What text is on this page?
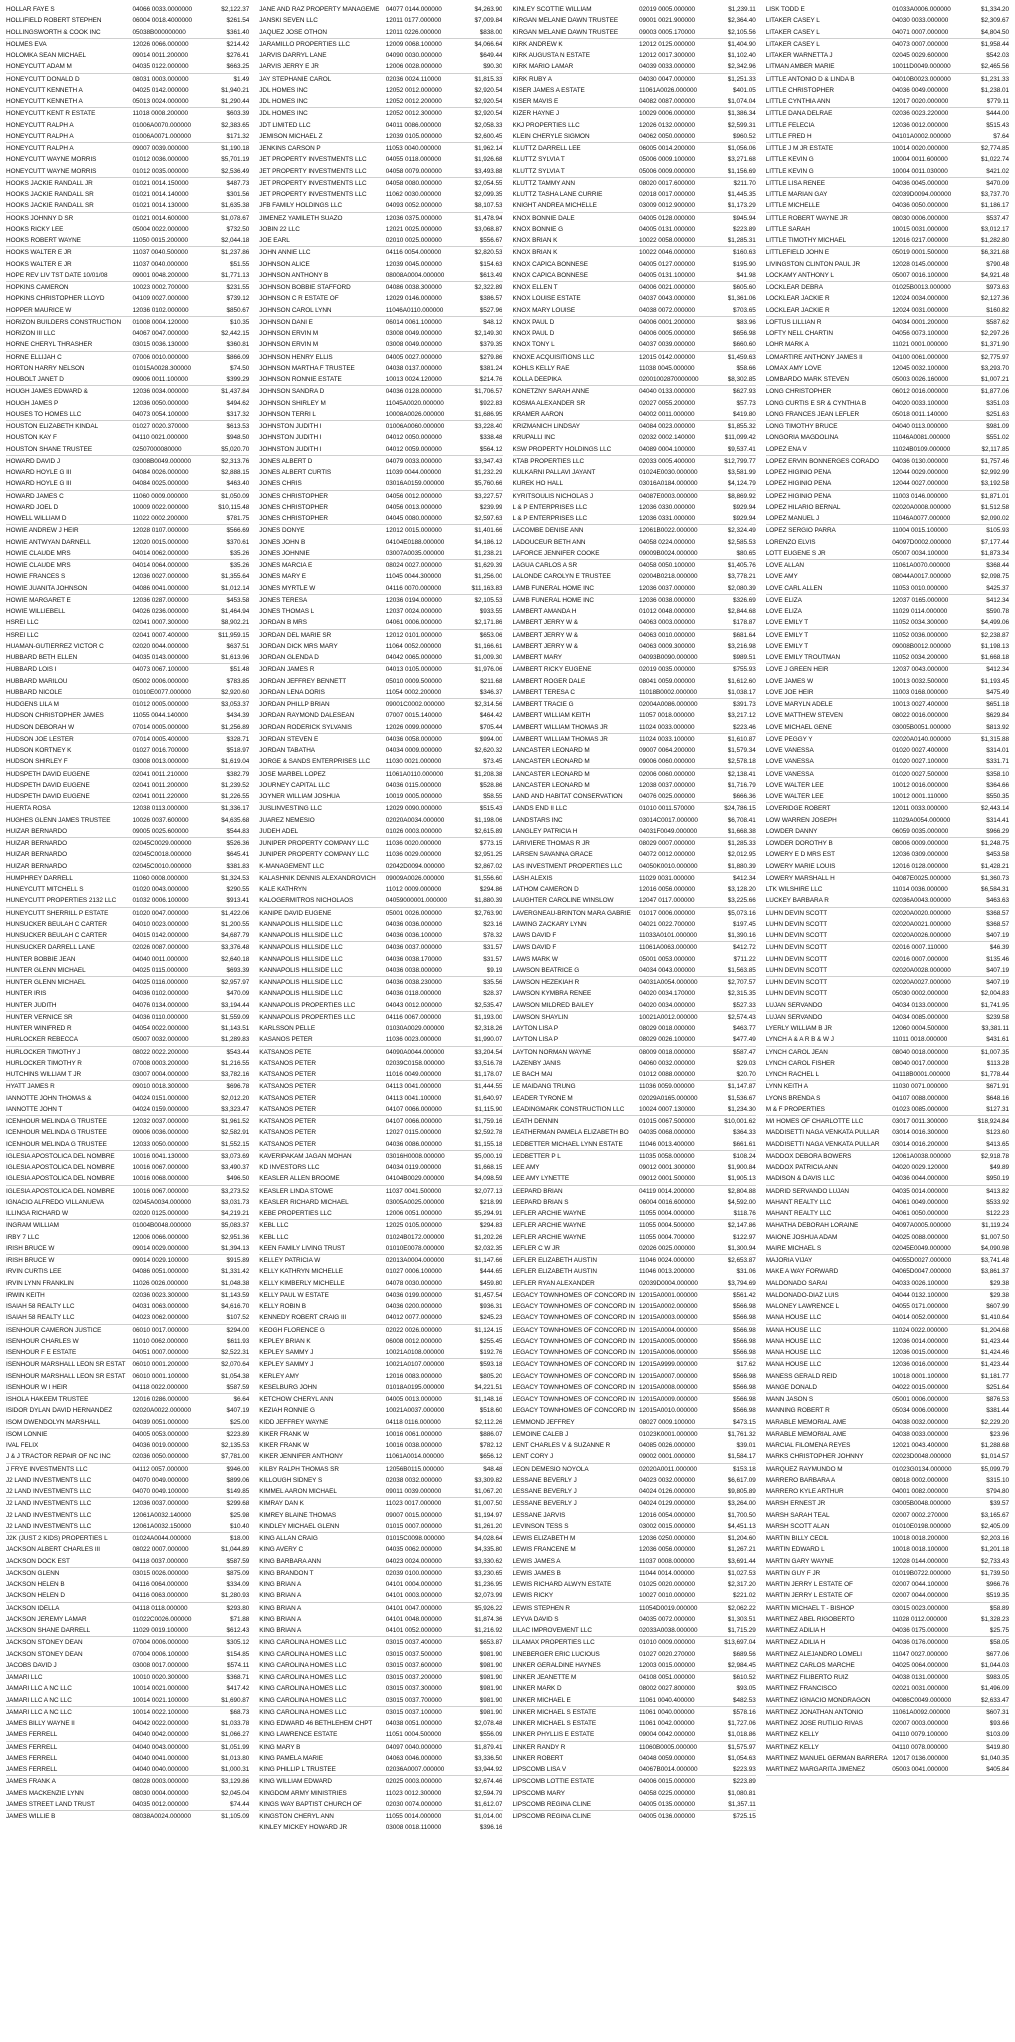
HOLLAR FAYE S	04066 0033.0000000	$2,122.37
HOLLIFIELD ROBERT STEPHEN	06004 0018.4000000	$261.54
HOLLINGSWORTH & COOK INC	05038B000000000	$361.40
HOLMES EVA	12026 0066.000000	$214.42
HOLOMKA SEAN MICHAEL	09014 0011.200000	$276.41
HONEYCUTT ADAM M	04035 0122.000000	$663.25
HONEYCUTT DONALD D	08031 0003.000000	$1.49
HONEYCUTT KENNETH A	04025 0142.000000	$1,940.21
HONEYCUTT KENNETH A	05013 0024.000000	$1,290.44
HONEYCUTT KENT R ESTATE	11018 0008.200000	$603.39
HONEYCUTT RALPH A	01006A0070.000000	$2,383.65
HONEYCUTT RALPH A	01006A0071.000000	$171.32
HONEYCUTT RALPH A	09007 0039.000000	$1,190.18
HONEYCUTT WAYNE MORRIS	01012 0036.000000	$5,701.19
HONEYCUTT WAYNE MORRIS	01012 0035.000000	$2,536.49
HOOKS JACKIE RANDALL JR	01021 0014.150000	$487.73
HOOKS JACKIE RANDALL SR	01021 0014.140000	$301.56
HOOKS JACKIE RANDALL SR	01021 0014.130000	$1,635.38
HOOKS JOHNNY D SR	01021 0014.600000	$1,078.67
HOOKS RICKY LEE	05004 0022.000000	$732.50
HOOKS ROBERT WAYNE	11050 0015.200000	$2,044.18
HOOKS WALTER E JR	11037 0040.500000	$1,237.86
HOOKS WALTER E JR	11037 0040.000000	$51.55
HOPE REV LIV TST DATE 10/01/08	09001 0048.200000	$1,771.13
HOPKINS CAMERON	10023 0002.700000	$231.55
HOPKINS CHRISTOPHER LLOYD	04109 0027.000000	$739.12
HOPPER MAURICE W	12036 0102.000000	$850.67
HORIZON BUILDERS CONSTRUCTION	01008 0004.120000	$10.35
HORIZON III LLC	04067 0047.000000	$2,442.15
HORNE CHERYL THRASHER	03015 0036.130000	$360.81
HORNE ELLIJAH C	07006 0010.000000	$866.09
HORTON HARRY NELSON	01015A0028.300000	$74.50
HOUBOLT JANET D	09006 0011.100000	$399.29
HOUGH JAMES EDWARD &	12036 0034.000000	$1,437.84
HOUGH JAMES P	12036 0050.000000	$494.62
HOUSES TO HOMES LLC	04073 0054.100000	$317.32
HOUSTON ELIZABETH KINDAL	01027 0020.370000	$613.53
HOUSTON KAY F	04110 0021.000000	$948.50
HOUSTON SHANE TRUSTEE	02507000080000	$5,020.70
HOWARD DAVID J	03008B0049.000000	$2,313.76
HOWARD HOYLE G III	04084 0026.000000	$2,888.15
HOWARD HOYLE G III	04084 0025.000000	$463.40
HOWARD JAMES C	11060 0009.000000	$1,050.09
HOWARD JOEL D	10009 0022.000000	$10,115.48
HOWELL WILLIAM D	11022 0002.200000	$781.75
HOWIE ANDREW J HEIR	12028 0107.000000	$566.69
HOWIE ANTWYAN DARNELL	12020 0015.000000	$370.61
HOWIE CLAUDE MRS	04014 0062.000000	$35.26
HOWIE CLAUDE MRS	04014 0064.000000	$35.26
HOWIE FRANCES S	12036 0027.000000	$1,355.64
HOWIE JUANITA JOHNSON	04086 0041.000000	$1,012.14
HOWIE MARGARET E	12036 0287.000000	$453.58
HOWIE WILLIEBELL	04026 0236.000000	$1,464.94
HSREI LLC	02041 0007.300000	$8,902.21
HSREI LLC	02041 0007.400000	$11,959.15
HUAMAN-GUTIERREZ VICTOR C	02020 0044.000000	$637.51
HUBBARD BETH ELLEN	04035 0143.000000	$1,613.96
HUBBARD LOIS I	04073 0067.100000	$51.48
HUBBARD MARILOU	05002 0006.000000	$783.85
HUBBARD NICOLE	01010E0077.000000	$2,920.60
HUDGENS LILA M	01012 0005.000000	$3,053.37
HUDSON CHRISTOPHER JAMES	11055 0044.140000	$434.39
HUDSON DEBORAH W	07014 0005.000000	$1,256.89
HUDSON JOE LESTER	07014 0005.400000	$328.71
HUDSON KORTNEY K	01027 0016.700000	$518.97
HUDSON SHIRLEY F	03008 0013.000000	$1,619.04
HUDSPETH DAVID EUGENE	02041 0011.210000	$382.79
HUDSPETH DAVID EUGENE	02041 0011.200000	$1,239.52
HUDSPETH DAVID EUGENE	02041 0011.220000	$1,226.55
HUERTA ROSA	12038 0113.000000	$1,336.17
HUGHES GLENN JAMES TRUSTEE	10026 0037.600000	$4,635.68
HUIZAR BERNARDO	09005 0025.600000	$544.83
HUIZAR BERNARDO	02045C0029.000000	$526.36
HUIZAR BERNARDO	02045C0018.000000	$645.41
HUIZAR BERNARDO	02045C0010.000000	$381.83
HUMPHREY DARRELL	11060 0008.000000	$1,324.53
HUNEYCUTT MITCHELL S	01020 0043.000000	$290.55
HUNEYCUTT PROPERTIES 2132 LLC	01032 0006.100000	$913.41
HUNEYCUTT SHERRILL P ESTATE	01020 0047.000000	$1,422.06
HUNSUCKER BEULAH C CARTER	04010 0023.000000	$1,200.55
HUNSUCKER BEULAH C CARTER	04015 0142.000000	$4,687.79
HUNSUCKER DARRELL LANE	02026 0087.000000	$3,376.48
HUNTER BOBBIE JEAN	04040 0011.000000	$2,640.18
HUNTER GLENN MICHAEL	04025 0115.000000	$693.39
HUNTER GLENN MICHAEL	04025 0116.000000	$2,957.97
HUNTER IRIS	04036 0102.000000	$470.09
HUNTER JUDITH	04076 0134.000000	$3,194.44
HUNTER VERNICE SR	04036 0110.000000	$1,559.09
HUNTER WINIFRED R	04054 0022.000000	$1,143.51
HURLOCKER REBECCA	05007 0032.000000	$1,289.83
HURLOCKER TIMOTHY J	08022 0022.200000	$543.44
HURLOCKER TIMOTHY R	07008 0003.200000	$1,216.55
HUTCHINS WILLIAM T JR	03007 0004.000000	$3,782.16
HYATT JAMES R	09010 0018.300000	$696.78
IANNOTTE JOHN THOMAS &	04024 0151.000000	$2,012.20
IANNOTTE JOHN T	04024 0159.000000	$3,323.47
ICENHOUR MELINDA G TRUSTEE	12032 0037.000000	$1,961.52
ICENHOUR MELINDA G TRUSTEE	09006 0036.000000	$2,582.91
ICENHOUR MELINDA G TRUSTEE	12033 0050.000000	$1,552.15
IGLESIA APOSTOLICA DEL NOMBRE	10016 0041.130000	$3,073.69
IGLESIA APOSTOLICA DEL NOMBRE	10016 0067.000000	$3,490.37
IGLESIA APOSTOLICA DEL NOMBRE	10016 0068.000000	$496.50
IGLESIA APOSTOLICA DEL NOMBRE	10016 0067.000000	$3,273.52
IGNACIO ALFREDO VILLANUEVA	02045A0034.000000	$3,031.73
ILLINGA RICHARD W	02020 0125.000000	$4,219.21
INGRAM WILLIAM	01004B0048.000000	$5,083.37
IRBY 7 LLC	12006 0066.000000	$2,951.36
IRISH BRUCE W	09014 0029.000000	$1,394.13
IRISH BRUCE W	09014 0029.100000	$915.89
IRVIN CURTIS LEE	04086 0051.000000	$1,331.42
IRVIN LYNN FRANKLIN	11026 0026.000000	$1,048.38
IRWIN KEITH	02036 0023.300000	$1,143.59
ISAIAH 58 REALTY LLC	04031 0063.000000	$4,616.70
ISAIAH 58 REALTY LLC	04023 0062.000000	$107.52
ISENHOUR CAMERON JUSTICE	06010 0017.000000	$294.00
ISENHOUR CHARLES W	11010 0062.000000	$611.93
ISENHOUR F E ESTATE	04051 0007.000000	$2,522.31
ISENHOUR MARSHALL LEON SR ESTAT	06010 0001.200000	$2,070.64
ISENHOUR MARSHALL LEON SR ESTAT	06010 0001.100000	$1,054.38
ISENHOUR W I HEIR	04118 0022.000000	$587.59
ISHOLA HAKEEM TRUSTEE	12016 0286.000000	$6.64
ISIDOR DYLAN DAVID HERNANDEZ	02020A0022.000000	$407.19
ISOM DWENDOLYN MARSHALL	04039 0051.000000	$25.00
ISOM LONNIE	04005 0053.000000	$223.89
IVAL FELIX	04036 0019.000000	$2,135.53
J & J TRACTOR REPAIR OF NC INC	02036 0050.000000	$7,781.00
J FRYE INVESTMENTS LLC	04112 0057.000000	$946.00
J2 LAND INVESTMENTS LLC	04070 0049.000000	$899.06
J2 LAND INVESTMENTS LLC	04070 0049.100000	$149.85
J2 LAND INVESTMENTS LLC	12036 0037.000000	$299.68
J2 LAND INVESTMENTS LLC	12061A0032.140000	$25.98
J2 LAND INVESTMENTS LLC	12061A0032.150000	$10.40
J2K (JUST 2 KIDS) PROPERTIES L	01024A0044.000000	$18.00
JACKSON ALBERT CHARLES III	08022 0007.000000	$1,044.89
JACKSON DOCK EST	04118 0037.000000	$587.59
JACKSON GLENN	03015 0026.000000	$875.09
JACKSON HELEN B	04116 0064.000000	$334.09
JACKSON HELEN D	04116 0063.000000	$1,280.93
JACKSON IDELLA	04118 0118.000000	$293.80
JACKSON JEREMY LAMAR	01022C0026.000000	$71.88
JACKSON SHANE DARRELL	11029 0019.100000	$612.43
JACKSON STONEY DEAN	07004 0006.000000	$305.12
JACKSON STONEY DEAN	07004 0006.100000	$154.85
JACOBS DAVID J	03008 0017.000000	$574.11
JAMARI LLC	10010 0020.300000	$368.71
JAMARI LLC A NC LLC	10014 0021.000000	$417.42
JAMARI LLC A NC LLC	10014 0021.100000	$1,690.87
JAMARI LLC A NC LLC	10014 0022.100000	$68.73
JAMES BILLY WAYNE II	04042 0022.000000	$1,033.78
JAMES FERRELL	04040 0042.000000	$1,066.27
JAMES FERRELL	04040 0043.000000	$1,051.99
JAMES FERRELL	04040 0041.000000	$1,013.80
JAMES FERRELL	04040 0040.000000	$1,000.31
JAMES FRANK A	08028 0003.000000	$3,129.86
JAMES MACKENZIE LYNN	08030 0004.000000	$2,045.04
JAMES STREET LAND TRUST	04035 0012.000000	$74.44
JAMES WILLIE B	08038A0024.000000	$1,105.09
JANE AND RAZ PROPERTY MANAGEME	04077 0144.000000	$4,263.90
JANSKI SEVEN LLC	12011 0177.000000	$7,009.84
JAQUEZ JOSE OTHON	12011 0226.000000	$838.00
JARAMILLO PROPERTIES LLC	12009 0068.100000	$4,066.64
JARVIS DARRYL LANE	04090 0030.000000	$649.44
JARVIS JERRY E JR	12006 0028.000000	$90.30
JAY STEPHANIE CAROL	02036 0024.110000	$1,815.33
JDL HOMES INC	12052 0012.000000	$2,920.54
JDL HOMES INC	12052 0012.200000	$2,920.54
JDL HOMES INC	12052 0012.300000	$2,920.54
JDT LIMITED LLC	04011 0086.000000	$2,058.33
JEMISON MICHAEL Z	12039 0105.000000	$2,600.45
JENKINS CARSON P	11053 0040.000000	$1,962.14
JET PROPERTY INVESTMENTS LLC	04055 0118.000000	$1,926.68
JET PROPERTY INVESTMENTS LLC	04058 0079.000000	$3,493.88
JET PROPERTY INVESTMENTS LLC	04058 0080.000000	$2,054.55
JET PROPERTY INVESTMENTS LLC	11062 0030.000000	$2,099.35
JFB FAMILY HOLDINGS LLC	04093 0052.000000	$8,107.53
JIMENEZ YAMILETH SUAZO	12036 0375.000000	$1,478.94
JOBIN 22 LLC	12021 0025.000000	$3,068.87
JOE EARL	02010 0025.000000	$556.67
JOHN ANNIE LLC	04116 0054.000000	$2,820.53
JOHNSON ALICE	12039 0045.000000	$154.63
JOHNSON ANTHONY B	08008A0004.000000	$613.49
JOHNSON BOBBIE STAFFORD	04086 0038.300000	$2,322.89
JOHNSON C R ESTATE OF	12029 0146.000000	$386.57
JOHNSON CAROL LYNN	11046A0110.000000	$527.96
JOHNSON DANI E	06014 0061.100000	$48.12
JOHNSON ERVIN M	03008 0049.000000	$2,149.30
JOHNSON ERVIN M	03008 0049.000000	$379.35
JOHNSON HENRY ELLIS	04005 0027.000000	$279.86
JOHNSON MARTHA F TRUSTEE	04038 0137.000000	$381.24
JOHNSON RONNIE ESTATE	10013 0024.120000	$214.76
JOHNSON SANDRA D	04036 0128.000000	$1,706.57
JOHNSON SHIRLEY M	11045A0020.000000	$922.83
JOHNSON TERRI L	10008A0026.000000	$1,686.95
JOHNSTON JUDITH I	01006A0060.000000	$3,228.40
JOHNSTON JUDITH I	04012 0050.000000	$338.48
JOHNSTON JUDITH I	04012 0059.000000	$564.12
JONES ALBERT D	04079 0033.000000	$3,347.43
JONES ALBERT CURTIS	11039 0044.000000	$1,232.29
JONES CHRIS	03016A0159.000000	$5,760.66
JONES CHRISTOPHER	04056 0012.000000	$3,227.57
JONES CHRISTOPHER	04056 0013.000000	$239.99
JONES CHRISTOPHER	04045 0080.000000	$2,597.63
JONES DONYE	12012 0015.000000	$1,401.66
JONES JOHN B	04104E0188.000000	$4,186.12
JONES JOHNNIE	03007A0035.000000	$1,238.21
JONES MARCIA E	08024 0027.000000	$1,629.39
JONES MARY E	11045 0044.300000	$1,256.00
JONES MYRTLE W	04116 0070.000000	$11,163.83
JONES TERESA	12036 0194.000000	$2,105.53
JONES THOMAS L	12037 0024.000000	$933.55
JORDAN B MRS	04061 0006.000000	$2,171.86
JORDAN DEL MARIE SR	12012 0101.000000	$653.06
JORDAN DICK MRS MARY	11064 0052.000000	$1,166.61
JORDAN GLENDA D	04042 0065.000000	$1,009.30
JORDAN JAMES R	04013 0105.000000	$1,976.06
JORDAN JEFFREY BENNETT	05010 0009.500000	$211.68
JORDAN LENA DORIS	11054 0002.200000	$346.37
JORDAN PHILLP BRIAN	09001C0002.000000	$2,314.56
JORDAN RAYMOND DALESEAN	07007 0015.140000	$464.42
JORDAN RODERICK SYLVANIS	12026 0099.000000	$705.44
JORDAN STEVEN E	04036 0058.000000	$994.00
JORDAN TABATHA	04034 0009.000000	$2,620.32
JORGE & SANDS ENTERPRISES LLC	11030 0021.000000	$73.45
JOSE MARBEL LOPEZ	11061A0110.000000	$1,208.38
JOURNEY CAPITAL LLC	04036 0115.000000	$528.86
JOYNER WILLIAM JOSHUA	10019 0005.000000	$58.55
JUSLINVESTING LLC	12029 0090.000000	$515.43
JUAREZ NEMESIO	02020A0034.000000	$1,198.06
JUDEH ADEL	01026 0003.000000	$2,615.89
JUNIPER PROPERTY COMPANY LLC	11036 0020.000000	$773.15
JUNIPER PROPERTY COMPANY LLC	11036 0029.000000	$2,951.25
K-MANAGEMENT LLC	02042D0094.000000	$2,867.02
KALASHNIK DENNIS ALEXANDROVICH	09009A0026.000000	$1,556.60
KALE KATHRYN	11012 0009.000000	$294.86
KALOGERMITROS NICHOLAOS	04059000001.000000	$1,880.39
KANIPE DAVID EUGENE	05001 0026.000000	$2,763.90
KANNAPOLIS HILLSIDE LLC	04036 0036.000000	$23.16
KANNAPOLIS HILLSIDE LLC	04036 0036.100000	$78.32
KANNAPOLIS HILLSIDE LLC	04036 0037.000000	$31.57
KANNAPOLIS HILLSIDE LLC	04036 0038.170000	$31.57
KANNAPOLIS HILLSIDE LLC	04036 0038.000000	$9.19
KANNAPOLIS HILLSIDE LLC	04036 0038.230000	$35.56
KANNAPOLIS HILLSIDE LLC	04036 0118.000000	$28.37
KANNAPOLIS PROPERTIES LLC	04043 0012.000000	$2,535.47
KANNAPOLIS PROPERTIES LLC	04116 0067.000000	$1,193.00
KARLSSON PELLE	01030A0029.000000	$2,318.26
KASANOS PETER	11036 0023.000000	$1,990.07
KATSANOS PETE	04090A0044.000000	$3,204.54
KATSANOS PETER	02039C0158.000000	$3,516.78
KATSANOS PETER	11016 0049.000000	$1,178.07
KATSANOS PETER	04113 0041.000000	$1,444.55
KATSANOS PETER	04113 0041.100000	$1,640.97
KATSANOS PETER	04107 0066.000000	$1,115.90
KATSANOS PETER	04107 0066.000000	$1,759.16
KATSANOS PETER	12027 0115.000000	$2,592.78
KATSANOS PETER	04036 0086.000000	$1,155.18
KAVERIPAKAM JAGAN MOHAN	03016H0008.000000	$5,000.19
KD INVESTORS LLC	04034 0119.000000	$1,668.15
KEASLER ALLEN BROOME	04104B0029.000000	$4,098.59
KEASLER LINDA STOWE	11037 0041.500000	$2,077.13
KEASLER RICHARD MICHAEL	03005A0025.000000	$218.99
KEBE PROPERTIES LLC	12006 0051.000000	$5,294.91
KEBL LLC	12025 0105.000000	$294.83
KEBL LLC	01024B0172.000000	$1,202.26
KEEN FAMILY LIVING TRUST	01010E0078.000000	$2,032.35
KELLEY PATRICIA W	02013A0004.000000	$1,147.66
KELLY KATHRYN MICHELLE	01027 0006.100000	$444.65
KELLY KIMBERLY MICHELLE	04078 0030.000000	$459.80
KELLY PAUL W ESTATE	04036 0199.000000	$1,457.54
KELLY ROBIN B	04036 0200.000000	$936.31
KENNEDY ROBERT CRAIG III	04012 0077.000000	$245.23
KEOGH FLORENCE G	02022 0026.000000	$1,124.15
KEPLEY BRIAN K	06008 0012.000000	$255.45
KEPLEY SAMMY J	10021A0108.000000	$192.76
KEPLEY SAMMY J	10021A0107.000000	$593.18
KERLEY AMY	12016 0083.000000	$805.20
KESELBURG JOHN	01018A0195.000000	$4,221.51
KETCHOW CHERYL ANN	04005 0013.000000	$1,148.16
KEZIAH RONNIE G	10021A0037.000000	$518.60
KIDD JEFFREY WAYNE	04118 0116.000000	$2,112.26
KIKER FRANK W	10016 0061.000000	$886.07
KIKER FRANK W	10016 0038.000000	$782.12
KIKER JENNIFER ANTHONY	11061A0014.000000	$656.12
KILBY RALPH THOMAS SR	12056B0115.000000	$48.48
KILLOUGH SIDNEY S	02038 0032.000000	$3,309.82
KIMMEL AARON MICHAEL	09011 0039.000000	$1,067.20
KIMRAY DAN K	11023 0017.000000	$1,007.50
KIMREY BLAINE THOMAS	09007 0015.000000	$1,194.97
KINDLEY MICHAEL GLENN	01015 0007.000000	$1,261.20
KING ALLAN CRAIG	01015C0098.000000	$4,028.64
KING AVERY C	04035 0062.000000	$4,335.80
KING BARBARA ANN	04023 0024.000000	$3,330.62
KING BRANDON T	02039 0100.000000	$3,230.65
KING BRIAN A	04101 0004.000000	$1,236.95
KING BRIAN A	04101 0003.000000	$2,073.99
KING BRIAN A	04101 0047.000000	$5,926.22
KING BRIAN A	04101 0048.000000	$1,874.36
KING BRIAN A	04101 0052.000000	$1,216.92
KING CAROLINA HOMES LLC	03015 0037.400000	$653.87
KING CAROLINA HOMES LLC	03015 0037.500000	$981.90
KING CAROLINA HOMES LLC	03015 0037.600000	$981.90
KING CAROLINA HOMES LLC	03015 0037.200000	$981.90
KING CAROLINA HOMES LLC	03015 0037.300000	$981.90
KING CAROLINA HOMES LLC	03015 0037.700000	$981.90
KING CAROLINA HOMES LLC	03015 0037.100000	$981.90
KING EDWARD 46 BETHLEHEM CHPT	04038 0051.000000	$2,078.48
KING LAWRENCE ESTATE	11051 0004.500000	$556.09
KING MARY B	04097 0040.000000	$1,879.41
KING PAMELA MARIE	04063 0046.000000	$3,336.50
KING PHILLIP L TRUSTEE	02036A0007.000000	$3,944.92
KING WILLIAM EDWARD	02025 0003.000000	$2,674.46
KINGDOM ARMY MINISTRIES	11023 0012.300000	$2,594.79
KINGS WAY BAPTIST CHURCH OF	02030 0074.000000	$1,612.07
KINGSTON CHERYL ANN	11055 0014.000000	$1,014.00
KINLEY MICKEY HOWARD JR	03008 0018.110000	$396.16
KINLEY SCOTTIE WILLIAM	02019 0005.000000	$1,239.11
KIRGAN MELANIE DAWN TRUSTEE	09001 0021.900000	$2,364.40
KIRGAN MELANIE DAWN TRUSTEE	09003 0005.170000	$2,105.56
KIRK ANDREW K	12012 0125.000000	$1,404.90
KIRK AUGUSTA N ESTATE	12012 0017.300000	$1,102.40
KIRK MARIO LAMAR	04039 0033.000000	$2,342.96
KIRK RUBY A	04030 0047.000000	$1,251.33
KISER JAMES A ESTATE	11061A0026.000000	$401.05
KISER MAVIS E	04082 0087.000000	$1,074.04
KIZER HAYNE J	10029 0006.000000	$1,386.34
KKJ PROPERTIES LLC	12026 0132.000000	$2,599.31
KLEIN CHERYLE SIGMON	04062 0050.000000	$960.52
KLUTTZ DARRELL LEE	06005 0014.200000	$1,056.06
KLUTTZ SYLVIA T	05006 0009.100000	$3,271.68
KLUTTZ SYLVIA T	05006 0009.000000	$1,156.69
KLUTTZ TAMMY ANN	08020 0017.600000	$211.70
KLUTTZ TASHA LANE CURRIE	02018 0017.000000	$1,445.35
KNIGHT ANDREA MICHELLE	03009 0012.900000	$1,173.29
KNOX BONNIE DALE	04005 0128.000000	$945.94
KNOX BONNIE G	04005 0131.000000	$223.89
KNOX BRIAN K	10022 0058.000000	$1,285.31
KNOX BRIAN K	10022 0046.000000	$160.63
KNOX CAPICA BONNESE	04005 0127.000000	$195.90
KNOX CAPICA BONNESE	04005 0131.100000	$41.98
KNOX ELLEN T	04006 0021.000000	$605.60
KNOX LOUISE ESTATE	04037 0043.000000	$1,361.06
KNOX MARY LOUISE	04038 0072.000000	$703.65
KNOX PAUL D	04006 0001.200000	$83.96
KNOX PAUL D	04006 0005.000000	$656.98
KNOX TONY L	04037 0039.000000	$660.60
KNOXE ACQUISITIONS LLC	12015 0142.000000	$1,459.63
KOHLS KELLY RAE	11038 0045.000000	$58.66
KOLLA DEEPIKA	02001002870000000	$8,302.85
KONETZNY SARAH ANNE	04040 0133.000000	$627.93
KOSMA ALEXANDER SR	02027 0055.200000	$57.73
KRAMER AARON	04002 0011.000000	$419.80
KRIZMANICH LINDSAY	04084 0023.000000	$1,855.32
KRUPALLI INC	02032 0002.140000	$11,099.42
KSW PROPERTY HOLDINGS LLC	04089 0004.100000	$9,537.41
KTAB PROPERTIES LLC	02033 0005.400000	$12,799.77
KULKARNI PALLAVI JAYANT	01024E0030.000000	$3,581.99
KUREK HO HALL	03016A0184.000000	$4,124.79
KYRITSOULIS NICHOLAS J	04087E0003.000000	$8,869.92
L & P ENTERPRISES LLC	12036 0330.000000	$929.94
L & P ENTERPRISES LLC	12036 0331.000000	$929.94
LACOMBE DENISE ANN	12061B0022.000000	$2,324.49
LADOUCEUR BETH ANN	04058 0224.000000	$2,585.53
LAFORCE JENNIFER COOKE	09009B0024.000000	$80.65
LAGUA CARLOS A SR	04058 0050.100000	$1,405.76
LALONDE CAROLYN E TRUSTEE	02004B0218.000000	$3,778.21
LAMB FUNERAL HOME INC	12036 0037.000000	$2,080.39
LAMB FUNERAL HOME INC	12036 0038.000000	$326.69
LAMBERT AMANDA H	01012 0048.000000	$2,844.68
LAMBERT JERRY W &	04063 0003.000000	$178.87
LAMBERT JERRY W &	04063 0010.000000	$681.64
LAMBERT JERRY W &	04063 0009.300000	$3,216.98
LAMBERT MARY	04093B0090.000000	$989.51
LAMBERT RICKY EUGENE	02019 0035.000000	$755.93
LAMBERT ROGER DALE	08041 0059.000000	$1,612.60
LAMBERT TERESA C	11018B0002.000000	$1,038.17
LAMBERT TRACIE G	02004A0086.000000	$391.73
LAMBERT WILLIAM KEITH	11057 0018.000000	$3,217.12
LAMBERT WILLIAM THOMAS JR	11024 0033.000000	$223.46
LAMBERT WILLIAM THOMAS JR	11024 0033.100000	$1,610.87
LANCASTER LEONARD M	09007 0064.200000	$1,579.34
LANCASTER LEONARD M	09006 0060.000000	$2,578.18
LANCASTER LEONARD M	02006 0060.000000	$2,138.41
LANCASTER LEONARD M	12038 0037.000000	$1,716.79
LAND AND HABITAT CONSERVATION	04076 0025.000000	$666.36
LANDS END II LLC	01010 0011.570000	$24,786.15
LANDSTARS INC	03014C0017.000000	$6,708.41
LANGLEY PATRICIA H	04031F0049.000000	$1,668.38
LARIVIERE THOMAS R JR	08029 0007.000000	$1,285.33
LARSEN SAVANNA GRACE	04072 0012.000000	$2,012.95
LAS INVESTMENT PROPERTIES LLC	04050K0010.000000	$1,880.39
LASH ALEXIS	11029 0031.000000	$412.34
LATHOM CAMERON D	12016 0056.000000	$3,128.20
LAUGHTER CAROLINE WINSLOW	12047 0117.000000	$3,225.66
LAVERGNEAU-BRINTON MARA GABRIE	01017 0006.000000	$5,073.16
LAWING ZACKARY LYNN	04021 0022.700000	$197.45
LAWS DAVID F	11033A0101.000000	$1,390.16
LAWS DAVID F	11061A0063.000000	$412.72
LAWS MARK W	05001 0053.000000	$711.22
LAWSON BEATRICE G	04034 0043.000000	$1,563.85
LAWSON HEZEKIAH R	04031A0054.000000	$2,707.57
LAWSON KYMBRA RENEE	04020 0034.170000	$2,315.35
LAWSON MILDRED BAILEY	04020 0034.000000	$527.33
LAWSON SHAYLIN	10021A0012.000000	$2,574.43
LAYTON LISA P	08029 0018.000000	$463.77
LAYTON LISA P	08029 0026.100000	$477.49
LAYTON NORMAN WAYNE	08009 0018.000000	$587.47
LAZENBY JANIS	04060 0032.000000	$29.03
LE BACH MAI	01012 0088.000000	$20.70
LE MAIDANG TRUNG	11036 0059.000000	$1,147.87
LEADER TYRONE M	02029A0165.000000	$1,536.67
LEADINGMARK CONSTRUCTION LLC	10024 0007.130000	$1,234.30
LEATH DENNIN	01015 0067.500000	$10,001.62
LEATHERMAN PAMELA ELIZABETH BO	04035 0068.000000	$364.33
LEDBETTER MICHAEL LYNN ESTATE	11046 0013.400000	$661.61
LEDBETTER P L	11035 0058.000000	$108.24
LEE AMY	09012 0001.300000	$1,900.84
LEE AMY LYNETTE	09012 0001.500000	$1,905.13
LEEPARD BRIAN	04119 0014.200000	$2,804.88
LEEPARD BRIAN S	06004 0016.600000	$4,592.00
LEFLER ARCHIE WAYNE	11055 0004.000000	$118.76
LEFLER ARCHIE WAYNE	11055 0004.500000	$2,147.86
LEFLER ARCHIE WAYNE	11055 0004.700000	$122.97
LEFLER C W JR	02026 0025.000000	$1,300.94
LEFLER ELIZABETH AUSTIN	11046 0024.000000	$2,653.87
LEFLER ELIZABETH AUSTIN	11046 0013.200000	$31.06
LEFLER RYAN ALEXANDER	02039D0004.000000	$3,794.69
LEGACY TOWNHOMES OF CONCORD IN 12015A0001.000000	$561.42
LEGACY TOWNHOMES OF CONCORD IN 12015A0002.000000	$566.98
LEGACY TOWNHOMES OF CONCORD IN 12015A0003.000000	$566.98
LEGACY TOWNHOMES OF CONCORD IN 12015A0004.000000	$566.98
LEGACY TOWNHOMES OF CONCORD IN 12015A0005.000000	$566.98
LEGACY TOWNHOMES OF CONCORD IN 12015A0006.000000	$566.98
LEGACY TOWNHOMES OF CONCORD IN 12015A9999.000000	$17.62
LEGACY TOWNHOMES OF CONCORD IN 12015A0007.000000	$566.98
LEGACY TOWNHOMES OF CONCORD IN 12015A0008.000000	$566.98
LEGACY TOWNHOMES OF CONCORD IN 12015A0009.000000	$566.98
LEGACY TOWNHOMES OF CONCORD IN 12015A0010.000000	$566.98
LEMMOND JEFFREY	08027 0009.100000	$473.15
LEMOINE CALEB J	01023K0001.000000	$1,761.32
LENT CHARLES V & SUZANNE R	04085 0026.000000	$39.01
LENT CORY J	09002 0001.000000	$1,584.17
LEON DEMESIO NOYOLA	02020A0011.000000	$153.18
LESSANE BEVERLY J	04023 0032.000000	$6,617.09
LESSANE BEVERLY J	04024 0126.000000	$9,805.89
LESSANE BEVERLY J	04024 0129.000000	$3,264.00
LESSANE JARVIS	12016 0054.000000	$1,700.50
LEVINSON TESS S	03002 0015.000000	$4,451.13
LEWIS ELIZABETH M	12036 0250.000000	$1,204.60
LEWIS FRANCENE M	12036 0056.000000	$1,267.21
LEWIS JAMES A	11037 0008.000000	$3,691.44
LEWIS JAMES B	11044 0014.000000	$1,027.53
LEWIS RICHARD ALWYN ESTATE	01025 0020.000000	$2,317.20
LEWIS RICKY	10027 0010.000000	$221.02
LEWIS STEPHEN R	11054D0019.000000	$2,062.22
LEYVA DAVID S	04035 0072.000000	$1,303.51
LILAC IMPROVEMENT LLC	02033A0038.000000	$1,715.29
LILAMAX PROPERTIES LLC	01010 0009.000000	$13,697.04
LINEBERGER ERIC LUCIOUS	01027 0020.270000	$689.56
LINKER GERALDINE HAYNES	12003 0015.000000	$2,984.45
LINKER JEANETTE M	04108 0051.000000	$610.52
LINKER MARK D	08002 0027.800000	$93.05
LINKER MICHAEL E	11061 0040.400000	$482.53
LINKER MICHAEL S ESTATE	11061 0040.000000	$578.16
LINKER MICHAEL S ESTATE	11061 0042.000000	$1,727.06
LINKER PHYLLIS E ESTATE	09004 0042.000000	$1,018.86
LINKER RANDY R	11060B0005.000000	$1,575.97
LINKER ROBERT	04048 0059.000000	$1,054.63
LIPSCOMB LISA V	04067B0014.000000	$223.93
LIPSCOMB LOTTIE ESTATE	04006 0015.000000	$223.89
LIPSCOMB MARY	04058 0225.000000	$1,080.81
LIPSCOMB REGINA CLINE	04005 0135.000000	$1,357.11
LIPSCOMB REGINA CLINE	04005 0136.000000	$725.15
LISK TODD E	01033A0006.000000	$1,334.20
LITAKER CASEY L	04030 0033.000000	$2,309.67
LITAKER CASEY L	04071 0007.000000	$4,804.50
LITAKER CASEY L	04073 0007.000000	$1,958.44
LITAKER WARNETTA J	02045 0029.600000	$542.03
LITMAN AMBER MARIE	10011D0049.000000	$2,465.56
LITTLE ANTONIO D & LINDA B	04010B0023.000000	$1,231.33
LITTLE CHRISTOPHER	04036 0049.000000	$1,238.01
LITTLE CYNTHIA ANN	12017 0020.000000	$779.11
LITTLE DANA DELRAE	02036 0023.220000	$444.00
LITTLE FELECIA	12036 0012.000000	$515.43
LITTLE FRED H	04101A0002.000000	$7.64
LITTLE J M JR ESTATE	10014 0020.000000	$2,774.85
LITTLE KEVIN G	10004 0011.600000	$1,022.74
LITTLE KEVIN G	10004 0011.030000	$421.02
LITTLE LISA RENEE	04036 0045.000000	$470.09
LITTLE MARIAN GAY	02039D0094.000000	$3,737.70
LITTLE MICHELLE	04036 0050.000000	$1,186.17
LITTLE ROBERT WAYNE JR	08030 0006.000000	$537.47
LITTLE SARAH	10015 0031.000000	$3,012.17
LITTLE TIMOTHY MICHAEL	12016 0217.000000	$1,282.80
LITTLEFIELD JOHN E	05019 0001.500000	$6,321.68
LIVINGSTON CLINTON PAUL JR	12028 0145.000000	$790.48
LOCKAMY ANTHONY L	05007 0016.100000	$4,921.48
LOCKLEAR DEBRA	01025B0013.000000	$973.63
LOCKLEAR JACKIE R	12024 0034.000000	$2,127.36
LOCKLEAR JACKIE R	12024 0031.000000	$160.82
LOFTUS LILLIAN R	04034 0001.200000	$587.62
LOFTY NELL CHARTIN	04056 0073.100000	$2,297.26
LOHR MARK A	11021 0001.000000	$1,371.90
LOMARTIRE ANTHONY JAMES II	04100 0061.000000	$2,775.97
LOMAX AMY LOVE	12045 0032.100000	$3,293.70
LOMBARDO MARK STEVEN	05003 0026.160000	$1,007.21
LONG CHRISTOPHER	06012 0016.000000	$1,877.06
LONG CURTIS E SR & CYNTHIA B	04020 0033.100000	$351.03
LONG FRANCES JEAN LEFLER	05018 0011.140000	$251.63
LONG TIMOTHY BRUCE	04040 0113.000000	$981.09
LONGORIA MAGDOLINA	11046A0081.000000	$551.02
LOPEZ ENA V	11024B0109.000000	$2,117.85
LOPEZ ERVIN BONNERGES CORADO	04036 0130.000000	$1,757.46
LOPEZ HIGINIO PENA	12044 0029.000000	$2,992.99
LOPEZ HIGINIO PENA	12044 0027.000000	$3,192.58
LOPEZ HIGINIO PENA	11003 0146.000000	$1,871.01
LOPEZ HILARIO BERNAL	02020A0008.000000	$1,512.58
LOPEZ MANUEL J	11046A0077.000000	$2,090.02
LOPEZ SERGIO PARRA	11004 0015.100000	$105.93
LORENZO ELVIS	04097D0002.000000	$7,177.44
LOTT EUGENE S JR	05007 0034.100000	$1,873.34
LOVE ALLAN	11061A0070.000000	$368.44
LOVE AMY	08044A0017.000000	$2,098.75
LOVE CARL ALLEN	11053 0010.000000	$425.37
LOVE ELIZA	12037 0165.000000	$412.34
LOVE ELIZA	11029 0114.000000	$590.78
LOVE EMILY T	11052 0034.300000	$4,499.06
LOVE EMILY T	11052 0036.000000	$2,238.87
LOVE EMILY T	09008B0012.000000	$1,198.13
LOVE EMILY TROUTMAN	11052 0034.200000	$1,668.18
LOVE J GREEN HEIR	12037 0043.000000	$412.34
LOVE JAMES W	10013 0032.500000	$1,193.45
LOVE JOE HEIR	11003 0168.000000	$475.49
LOVE MARYLN ADELE	10013 0027.400000	$651.18
LOVE MATTHEW STEVEN	08022 0016.000000	$629.84
LOVE MICHAEL GENE	03005B0051.000000	$813.92
LOVE PEGGY Y	02020A0140.000000	$1,315.88
LOVE VANESSA	01020 0027.400000	$314.01
LOVE VANESSA	01020 0027.100000	$331.71
LOVE VANESSA	01020 0027.500000	$358.10
LOVE WALTER LEE	10012 0016.000000	$364.66
LOVE WALTER LEE	10012 0001.110000	$550.35
LOVERIDGE ROBERT	12011 0033.000000	$2,443.14
LOW WARREN JOSEPH	11029A0054.000000	$314.41
LOWDER DANNY	06059 0035.000000	$966.29
LOWDER DOROTHY B	08006 0009.000000	$1,248.75
LOWERY E D MRS EST	12036 0309.000000	$453.58
LOWERY MARIE LOUIS	12016 0128.000000	$1,428.21
LOWERY MARSHALL H	04087E0025.000000	$1,360.73
LTK WILSHIRE LLC	11014 0036.000000	$6,584.31
LUCKEY BARBARA R	02036A0043.000000	$463.63
LUHN DEVIN SCOTT	02020A0020.000000	$368.57
LUHN DEVIN SCOTT	02020A0021.000000	$368.57
LUHN DEVIN SCOTT	02020A0026.000000	$407.19
LUHN DEVIN SCOTT	02016 0007.110000	$46.39
LUHN DEVIN SCOTT	02016 0007.000000	$135.46
LUHN DEVIN SCOTT	02020A0028.000000	$407.19
LUHN DEVIN SCOTT	02020A0027.000000	$407.19
LUHN DEVIN SCOTT	05030 0002.000000	$2,004.83
LUJAN SERVANDO	04034 0133.000000	$1,741.95
LUJAN SERVANDO	04034 0085.000000	$239.58
LYERLY WILLIAM B JR	12060 0004.500000	$3,381.11
LYNCH A & A R B & W J	11011 0018.000000	$431.61
LYNCH CAROL JEAN	08040 0018.000000	$1,007.35
LYNCH CAROL FISHER	08040 0017.000000	$113.28
LYNCH RACHEL L	04118B0001.000000	$1,778.44
LYNN KEITH A	11030 0071.000000	$671.91
LYONS BRENDA S	04107 0088.000000	$648.16
M & F PROPERTIES	01023 0085.000000	$127.31
M/I HOMES OF CHARLOTTE LLC	03017 0011.300000	$18,924.84
MADDISETTI NAGA VENKATA PULLAR	03014 0016.300000	$123.60
MADDISETTI NAGA VENKATA PULLAR	03014 0016.200000	$413.65
MADDOX DEBORA BOWERS	12061A0038.000000	$2,918.78
MADDOX PATRICIA ANN	04020 0029.120000	$49.89
MADISON & DAVIS LLC	04036 0044.000000	$950.19
MADRID SERVANDO LUJAN	04035 0014.000000	$413.82
MAHANT REALTY LLC	04061 0049.000000	$533.92
MAHANT REALTY LLC	04061 0050.000000	$122.23
MAHATHA DEBORAH LORAINE	04097A0005.000000	$1,119.24
MAIONE JOSHUA ADAM	04025 0088.000000	$1,007.50
MAIRE MICHAEL S	02045E0049.000000	$4,090.98
MAJORIA VIJAY	04055D0027.000000	$3,741.48
MAKE A WAY FORWARD	04065D0047.000000	$3,861.37
MALDONADO SARAI	04033 0026.100000	$29.38
MALDONADO-DIAZ LUIS	04044 0132.100000	$29.38
MALONEY LAWRENCE L	04055 0171.000000	$607.99
MANA HOUSE LLC	04014 0052.000000	$1,410.64
MANA HOUSE LLC	11024 0022.000000	$1,204.68
MANA HOUSE LLC	12036 0014.000000	$1,423.44
MANA HOUSE LLC	12036 0015.000000	$1,424.46
MANA HOUSE LLC	12036 0016.000000	$1,423.44
MANESS GERALD REID	10018 0001.100000	$1,181.77
MANGE DONALD	04022 0015.000000	$251.64
MANN JASON S	05001 0006.000000	$876.53
MANNING ROBERT R	05034 0006.000000	$381.44
MARABLE MEMORIAL AME	04038 0032.000000	$2,229.20
MARABLE MEMORIAL AME	04038 0033.000000	$23.96
MARCIAL FILOMENA REYES	12021 0043.400000	$1,288.68
MARKS CHRISTOPHER JOHNNY	02023D0048.000000	$1,014.57
MARQUEZ RAYMUNDO M	01023G0134.000000	$5,099.79
MARRERO BARBARA A	08018 0002.000000	$315.10
MARRERO KYLE ARTHUR	04001 0082.000000	$794.80
MARSH ERNEST JR	03005B0048.000000	$39.57
MARSH SARAH TEAL	02007 0002.270000	$3,165.67
MARSH SCOTT ALAN	01010E0198.000000	$2,405.09
MARTIN BILLY CECIL	10018 0018.200000	$2,203.16
MARTIN EDWARD L	10018 0018.100000	$1,201.18
MARTIN GARY WAYNE	12028 0144.000000	$2,733.43
MARTIN GUY F JR	01019B0722.000000	$1,739.50
MARTIN JERRY L ESTATE OF	02007 0044.100000	$966.76
MARTIN JERRY L ESTATE OF	02007 0044.000000	$519.35
MARTIN MICHAEL T - BISHOP	03015 0023.000000	$58.89
MARTINEZ ABEL RIGOBERTO	11028 0112.000000	$1,328.23
MARTINEZ ADILIA H	04036 0175.000000	$25.75
MARTINEZ ADILIA H	04036 0176.000000	$58.05
MARTINEZ ALEJANDRO LOMELI	11047 0027.000000	$677.06
MARTINEZ CARLOS MARCHE	04025 0064.000000	$1,044.03
MARTINEZ FILIBERTO RUIZ	04038 0131.000000	$983.05
MARTINEZ FRANCISCO	02021 0031.000000	$1,496.09
MARTINEZ IGNACIO MONDRAGON	04086C0049.000000	$2,633.47
MARTINEZ JONATHAN ANTONIO	11061A0092.000000	$607.31
MARTINEZ JOSE RUTILIO RIVAS	02007 0003.000000	$93.66
MARTINEZ KELLY	04110 0079.100000	$103.09
MARTINEZ KELLY	04110 0078.000000	$419.80
MARTINEZ MANUEL GERMAN BARRERA 12017 0136.000000	$1,040.35
MARTINEZ MARGARITA JIMENEZ	05003 0041.000000	$405.84
